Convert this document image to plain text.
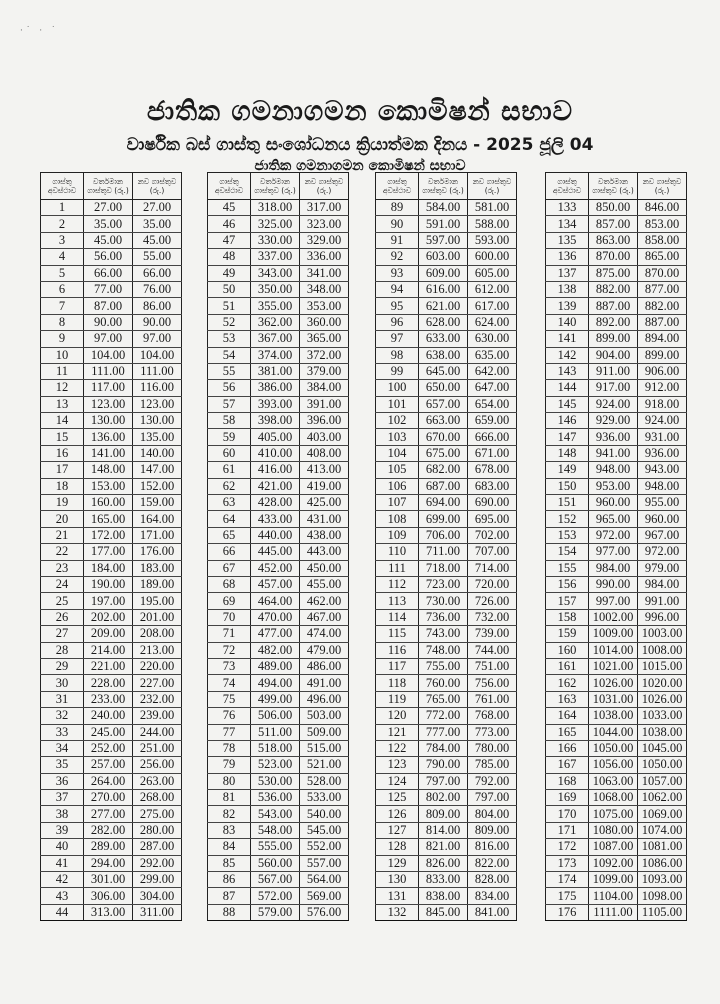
·˙ · ˙
ජාතික ගමනාගමන කොමිෂන් සභාව
වාර්ෂික බස් ගාස්තු සංශෝධනය ක්‍රියාත්මක දිනය - 2025 ජූලි 04
ජාතික ගමනාගමන කොමිෂන් සභාව
ගාස්තු අවස්ථාව	වර්තමාන ගාස්තුව (රු.)	නව ගාස්තුව (රු.)
1	27.00	27.00
2	35.00	35.00
3	45.00	45.00
4	56.00	55.00
5	66.00	66.00
6	77.00	76.00
7	87.00	86.00
8	90.00	90.00
9	97.00	97.00
10	104.00	104.00
11	111.00	111.00
12	117.00	116.00
13	123.00	123.00
14	130.00	130.00
15	136.00	135.00
16	141.00	140.00
17	148.00	147.00
18	153.00	152.00
19	160.00	159.00
20	165.00	164.00
21	172.00	171.00
22	177.00	176.00
23	184.00	183.00
24	190.00	189.00
25	197.00	195.00
26	202.00	201.00
27	209.00	208.00
28	214.00	213.00
29	221.00	220.00
30	228.00	227.00
31	233.00	232.00
32	240.00	239.00
33	245.00	244.00
34	252.00	251.00
35	257.00	256.00
36	264.00	263.00
37	270.00	268.00
38	277.00	275.00
39	282.00	280.00
40	289.00	287.00
41	294.00	292.00
42	301.00	299.00
43	306.00	304.00
44	313.00	311.00
ගාස්තු අවස්ථාව	වර්තමාන ගාස්තුව (රු.)	නව ගාස්තුව (රු.)
45	318.00	317.00
46	325.00	323.00
47	330.00	329.00
48	337.00	336.00
49	343.00	341.00
50	350.00	348.00
51	355.00	353.00
52	362.00	360.00
53	367.00	365.00
54	374.00	372.00
55	381.00	379.00
56	386.00	384.00
57	393.00	391.00
58	398.00	396.00
59	405.00	403.00
60	410.00	408.00
61	416.00	413.00
62	421.00	419.00
63	428.00	425.00
64	433.00	431.00
65	440.00	438.00
66	445.00	443.00
67	452.00	450.00
68	457.00	455.00
69	464.00	462.00
70	470.00	467.00
71	477.00	474.00
72	482.00	479.00
73	489.00	486.00
74	494.00	491.00
75	499.00	496.00
76	506.00	503.00
77	511.00	509.00
78	518.00	515.00
79	523.00	521.00
80	530.00	528.00
81	536.00	533.00
82	543.00	540.00
83	548.00	545.00
84	555.00	552.00
85	560.00	557.00
86	567.00	564.00
87	572.00	569.00
88	579.00	576.00
ගාස්තු අවස්ථාව	වර්තමාන ගාස්තුව (රු.)	නව ගාස්තුව (රු.)
89	584.00	581.00
90	591.00	588.00
91	597.00	593.00
92	603.00	600.00
93	609.00	605.00
94	616.00	612.00
95	621.00	617.00
96	628.00	624.00
97	633.00	630.00
98	638.00	635.00
99	645.00	642.00
100	650.00	647.00
101	657.00	654.00
102	663.00	659.00
103	670.00	666.00
104	675.00	671.00
105	682.00	678.00
106	687.00	683.00
107	694.00	690.00
108	699.00	695.00
109	706.00	702.00
110	711.00	707.00
111	718.00	714.00
112	723.00	720.00
113	730.00	726.00
114	736.00	732.00
115	743.00	739.00
116	748.00	744.00
117	755.00	751.00
118	760.00	756.00
119	765.00	761.00
120	772.00	768.00
121	777.00	773.00
122	784.00	780.00
123	790.00	785.00
124	797.00	792.00
125	802.00	797.00
126	809.00	804.00
127	814.00	809.00
128	821.00	816.00
129	826.00	822.00
130	833.00	828.00
131	838.00	834.00
132	845.00	841.00
ගාස්තු අවස්ථාව	වර්තමාන ගාස්තුව (රු.)	නව ගාස්තුව (රු.)
133	850.00	846.00
134	857.00	853.00
135	863.00	858.00
136	870.00	865.00
137	875.00	870.00
138	882.00	877.00
139	887.00	882.00
140	892.00	887.00
141	899.00	894.00
142	904.00	899.00
143	911.00	906.00
144	917.00	912.00
145	924.00	918.00
146	929.00	924.00
147	936.00	931.00
148	941.00	936.00
149	948.00	943.00
150	953.00	948.00
151	960.00	955.00
152	965.00	960.00
153	972.00	967.00
154	977.00	972.00
155	984.00	979.00
156	990.00	984.00
157	997.00	991.00
158	1002.00	996.00
159	1009.00	1003.00
160	1014.00	1008.00
161	1021.00	1015.00
162	1026.00	1020.00
163	1031.00	1026.00
164	1038.00	1033.00
165	1044.00	1038.00
166	1050.00	1045.00
167	1056.00	1050.00
168	1063.00	1057.00
169	1068.00	1062.00
170	1075.00	1069.00
171	1080.00	1074.00
172	1087.00	1081.00
173	1092.00	1086.00
174	1099.00	1093.00
175	1104.00	1098.00
176	1111.00	1105.00
